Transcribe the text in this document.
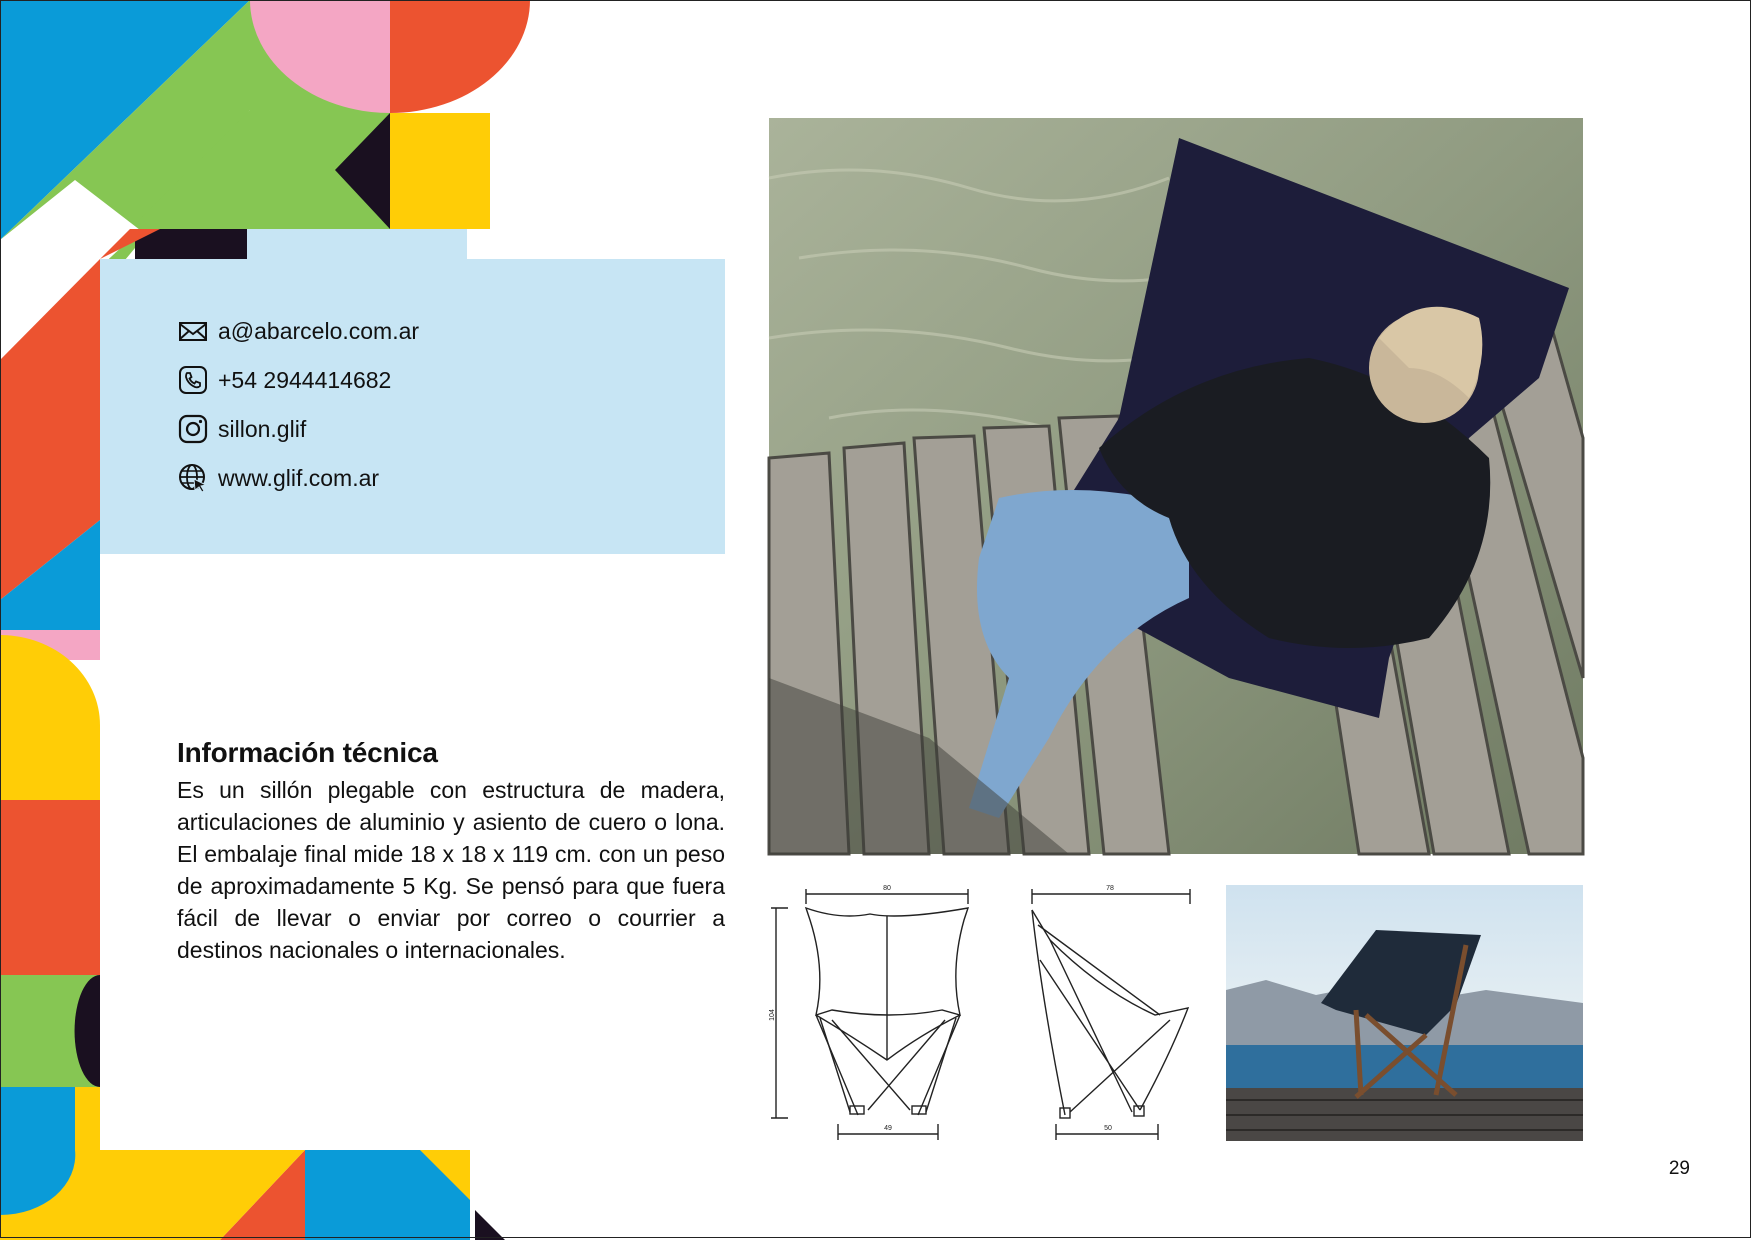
a@abarcelo.com.ar
+54 2944414682
sillon.glif
www.glif.com.ar
Información técnica
Es un sillón plegable con estructura de madera, articulaciones de aluminio y asiento de cuero o lona. El embalaje final mide 18 x 18 x 119 cm. con un peso de aproximadamente 5 Kg. Se pensó para que fuera fácil de llevar o enviar por correo o courrier a destinos nacionales o internacionales.
80
104
49
78
50
29
